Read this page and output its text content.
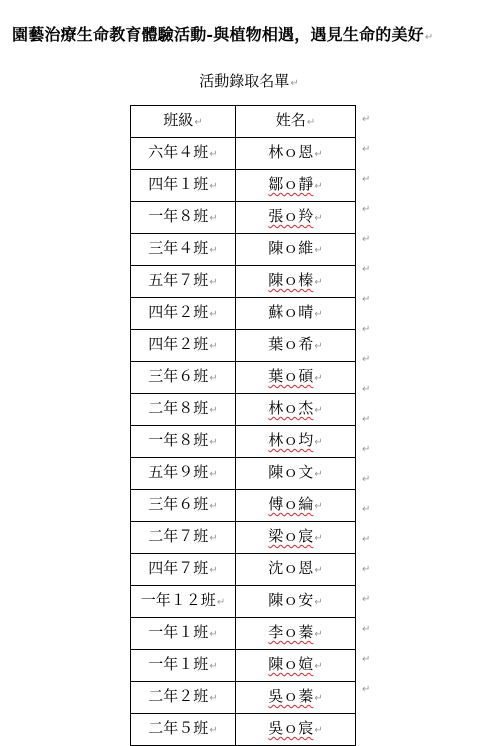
園藝治療生命教育體驗活動-與植物相遇，遇見生命的美好↵
活動錄取名單↵
班級↵	姓名↵
六年４班↵	林ｏ恩↵
四年１班↵	鄒ｏ靜↵
一年８班↵	張ｏ羚↵
三年４班↵	陳ｏ維↵
五年７班↵	陳ｏ榛↵
四年２班↵	蘇ｏ晴↵
四年２班↵	葉ｏ希↵
三年６班↵	葉ｏ碩↵
二年８班↵	林ｏ杰↵
一年８班↵	林ｏ均↵
五年９班↵	陳ｏ文↵
三年６班↵	傅ｏ綸↵
二年７班↵	梁ｏ宸↵
四年７班↵	沈ｏ恩↵
一年１２班↵	陳ｏ安↵
一年１班↵	李ｏ蓁↵
一年１班↵	陳ｏ媗↵
二年２班↵	吳ｏ蓁↵
二年５班↵	吳ｏ宸↵
↵
↵
↵
↵
↵
↵
↵
↵
↵
↵
↵
↵
↵
↵
↵
↵
↵
↵
↵
↵
